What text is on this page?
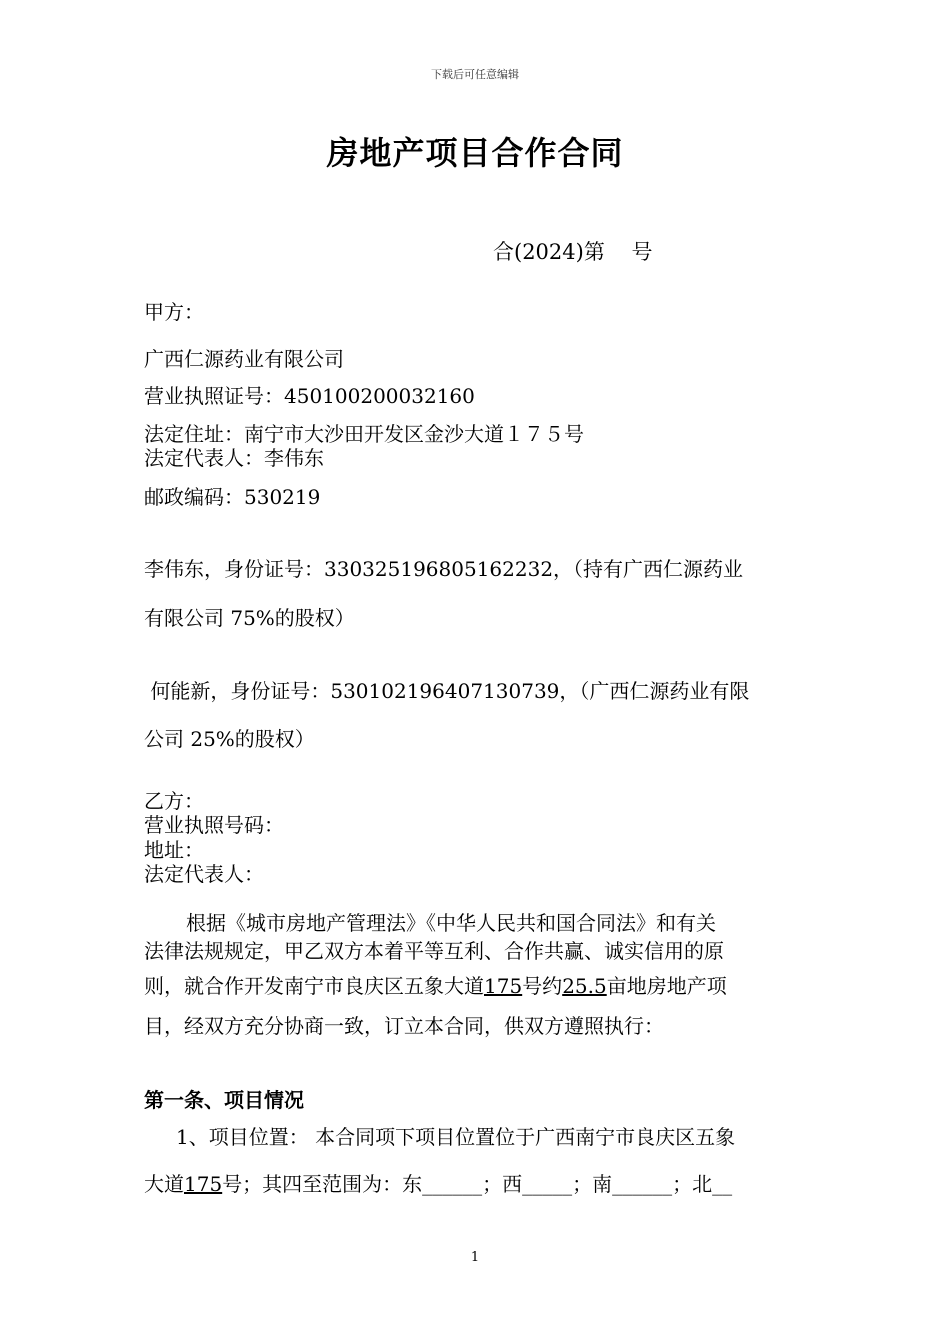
下载后可任意编辑
房地产项目合作合同
合(2024)第    号
甲方：
广西仁源药业有限公司
营业执照证号：450100200032160
法定住址：南宁市大沙田开发区金沙大道１７５号
法定代表人：李伟东
邮政编码：530219
李伟东，身份证号：330325196805162232，（持有广西仁源药业
有限公司 75%的股权）
何能新，身份证号：530102196407130739，（广西仁源药业有限
公司 25%的股权）
乙方：
营业执照号码：
地址：
法定代表人：
根据《城市房地产管理法》《中华人民共和国合同法》和有关
法律法规规定，甲乙双方本着平等互利、合作共赢、诚实信用的原
则，就合作开发南宁市良庆区五象大道175号约25.5亩地房地产项
目，经双方充分协商一致，订立本合同，供双方遵照执行：
第一条、项目情况
1、项目位置： 本合同项下项目位置位于广西南宁市良庆区五象
大道175号；其四至范围为：东______；西_____；南______；北__
1
